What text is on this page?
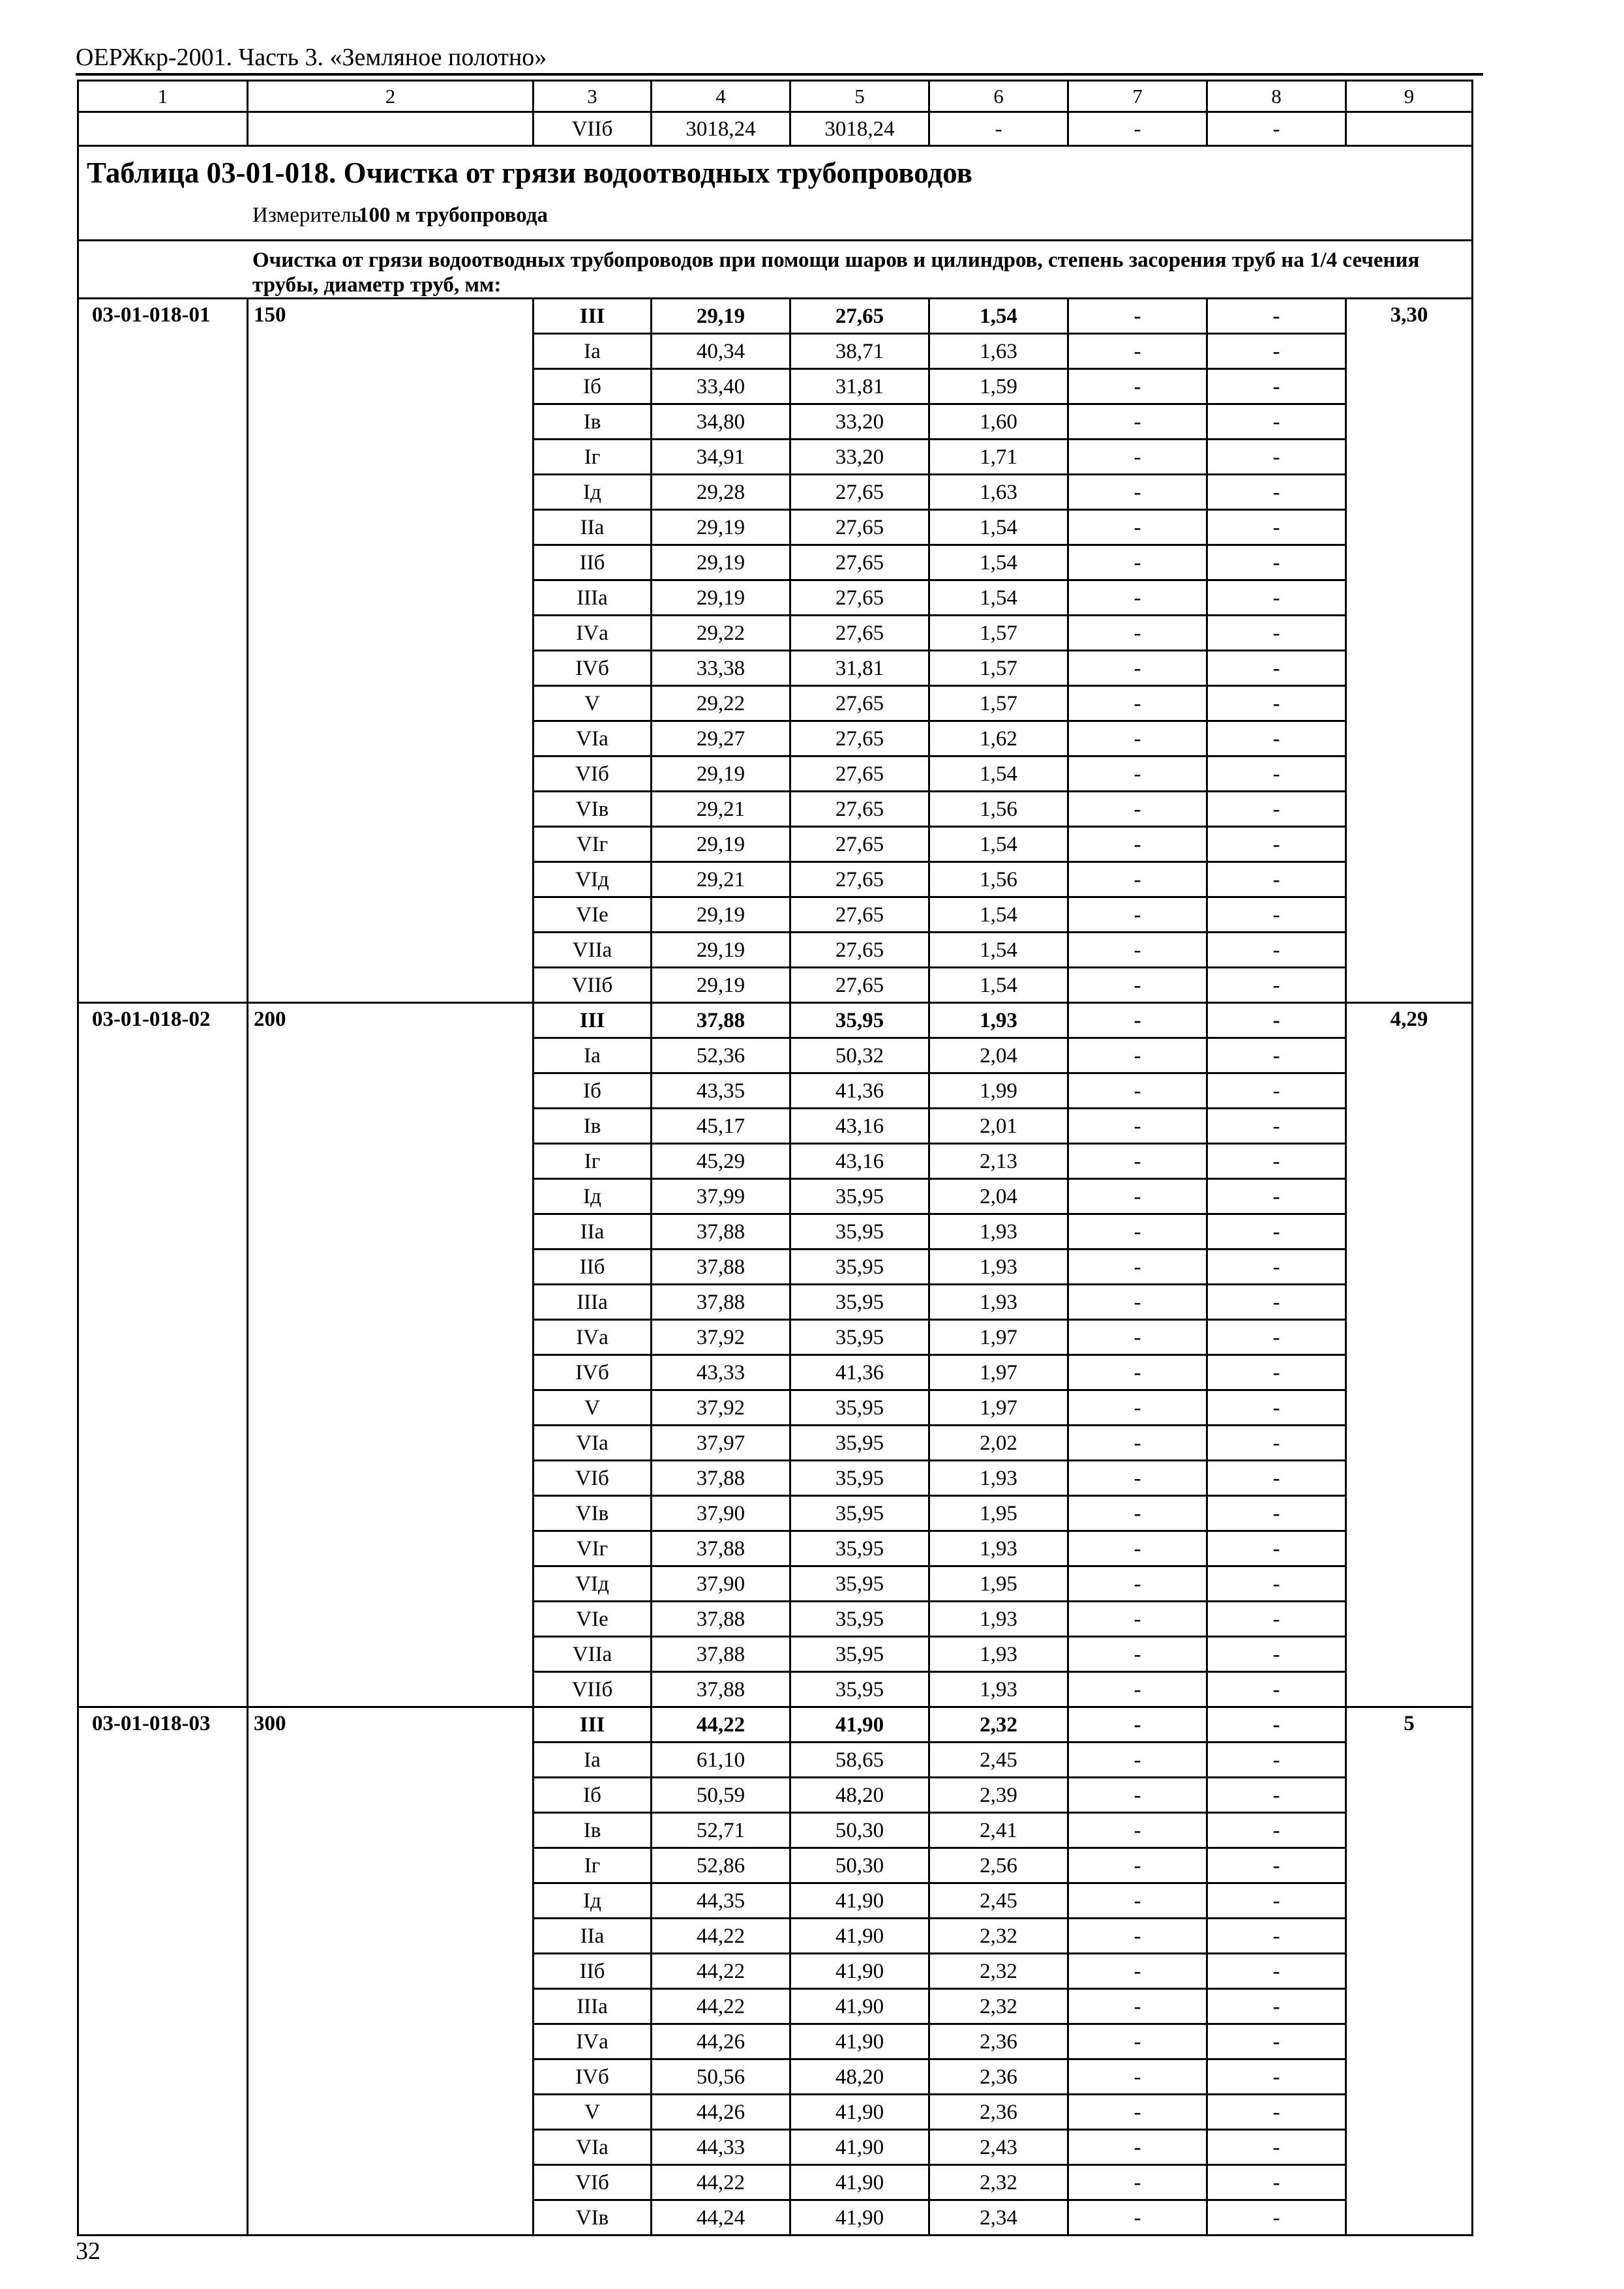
ОЕРЖкр-2001. Часть 3. «Земляное полотно»
1	2	3	4	5	6	7	8	9
		VIIб	3018,24	3018,24	-	-	-	

Таблица 03-01-018. Очистка от грязи водоотводных трубопроводов
Измеритель:100 м трубопровода
Очистка от грязи водоотводных трубопроводов при помощи шаров и цилиндров, степень засорения труб на 1/4 сечения трубы, диаметр труб, мм:								

03-01-018-01	150	III	29,19	27,65	1,54	-	-	3,30
		Iа	40,34	38,71	1,63	-	-	
		Iб	33,40	31,81	1,59	-	-	
		Iв	34,80	33,20	1,60	-	-	
		Iг	34,91	33,20	1,71	-	-	
		Iд	29,28	27,65	1,63	-	-	
		IIа	29,19	27,65	1,54	-	-	
		IIб	29,19	27,65	1,54	-	-	
		IIIа	29,19	27,65	1,54	-	-	
		IVа	29,22	27,65	1,57	-	-	
		IVб	33,38	31,81	1,57	-	-	
		V	29,22	27,65	1,57	-	-	
		VIа	29,27	27,65	1,62	-	-	
		VIб	29,19	27,65	1,54	-	-	
		VIв	29,21	27,65	1,56	-	-	
		VIг	29,19	27,65	1,54	-	-	
		VIд	29,21	27,65	1,56	-	-	
		VIе	29,19	27,65	1,54	-	-	
		VIIа	29,19	27,65	1,54	-	-	
		VIIб	29,19	27,65	1,54	-	-	
03-01-018-02	200	III	37,88	35,95	1,93	-	-	4,29
		Iа	52,36	50,32	2,04	-	-	
		Iб	43,35	41,36	1,99	-	-	
		Iв	45,17	43,16	2,01	-	-	
		Iг	45,29	43,16	2,13	-	-	
		Iд	37,99	35,95	2,04	-	-	
		IIа	37,88	35,95	1,93	-	-	
		IIб	37,88	35,95	1,93	-	-	
		IIIа	37,88	35,95	1,93	-	-	
		IVа	37,92	35,95	1,97	-	-	
		IVб	43,33	41,36	1,97	-	-	
		V	37,92	35,95	1,97	-	-	
		VIа	37,97	35,95	2,02	-	-	
		VIб	37,88	35,95	1,93	-	-	
		VIв	37,90	35,95	1,95	-	-	
		VIг	37,88	35,95	1,93	-	-	
		VIд	37,90	35,95	1,95	-	-	
		VIе	37,88	35,95	1,93	-	-	
		VIIа	37,88	35,95	1,93	-	-	
		VIIб	37,88	35,95	1,93	-	-	
03-01-018-03	300	III	44,22	41,90	2,32	-	-	5
		Iа	61,10	58,65	2,45	-	-	
		Iб	50,59	48,20	2,39	-	-	
		Iв	52,71	50,30	2,41	-	-	
		Iг	52,86	50,30	2,56	-	-	
		Iд	44,35	41,90	2,45	-	-	
		IIа	44,22	41,90	2,32	-	-	
		IIб	44,22	41,90	2,32	-	-	
		IIIа	44,22	41,90	2,32	-	-	
		IVа	44,26	41,90	2,36	-	-	
		IVб	50,56	48,20	2,36	-	-	
		V	44,26	41,90	2,36	-	-	
		VIа	44,33	41,90	2,43	-	-	
		VIб	44,22	41,90	2,32	-	-	
		VIв	44,24	41,90	2,34	-	-	
32
